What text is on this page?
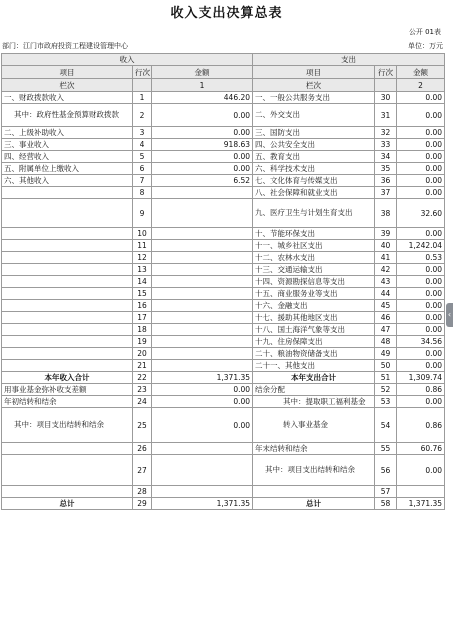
收入支出决算总表
公开 01表
部门：江门市政府投资工程建设管理中心	单位：万元
‹
收入			支出		
项目	行次	金额	项目	行次	金额
栏次		1	栏次		2
一、财政拨款收入	1	446.20	一、一般公共服务支出	30	0.00
其中：政府性基金预算财政拨款	2	0.00	二、外交支出	31	0.00
二、上级补助收入	3	0.00	三、国防支出	32	0.00
三、事业收入	4	918.63	四、公共安全支出	33	0.00
四、经营收入	5	0.00	五、教育支出	34	0.00
五、附属单位上缴收入	6	0.00	六、科学技术支出	35	0.00
六、其他收入	7	6.52	七、文化体育与传媒支出	36	0.00
	8		八、社会保障和就业支出	37	0.00
	9		九、医疗卫生与计划生育支出	38	32.60
	10		十、节能环保支出	39	0.00
	11		十一、城乡社区支出	40	1,242.04
	12		十二、农林水支出	41	0.53
	13		十三、交通运输支出	42	0.00
	14		十四、资源勘探信息等支出	43	0.00
	15		十五、商业服务业等支出	44	0.00
	16		十六、金融支出	45	0.00
	17		十七、援助其他地区支出	46	0.00
	18		十八、国土海洋气象等支出	47	0.00
	19		十九、住房保障支出	48	34.56
	20		二十、粮油物资储备支出	49	0.00
	21		二十一、其他支出	50	0.00
本年收入合计	22	1,371.35	本年支出合计	51	1,309.74
用事业基金弥补收支差额	23	0.00	结余分配	52	0.86
年初结转和结余	24	0.00	其中：提取职工福利基金	53	0.00
其中：项目支出结转和结余	25	0.00	转入事业基金	54	0.86
	26		年末结转和结余	55	60.76
	27		其中：项目支出结转和结余	56	0.00
	28			57	
总计	29	1,371.35	总计	58	1,371.35
